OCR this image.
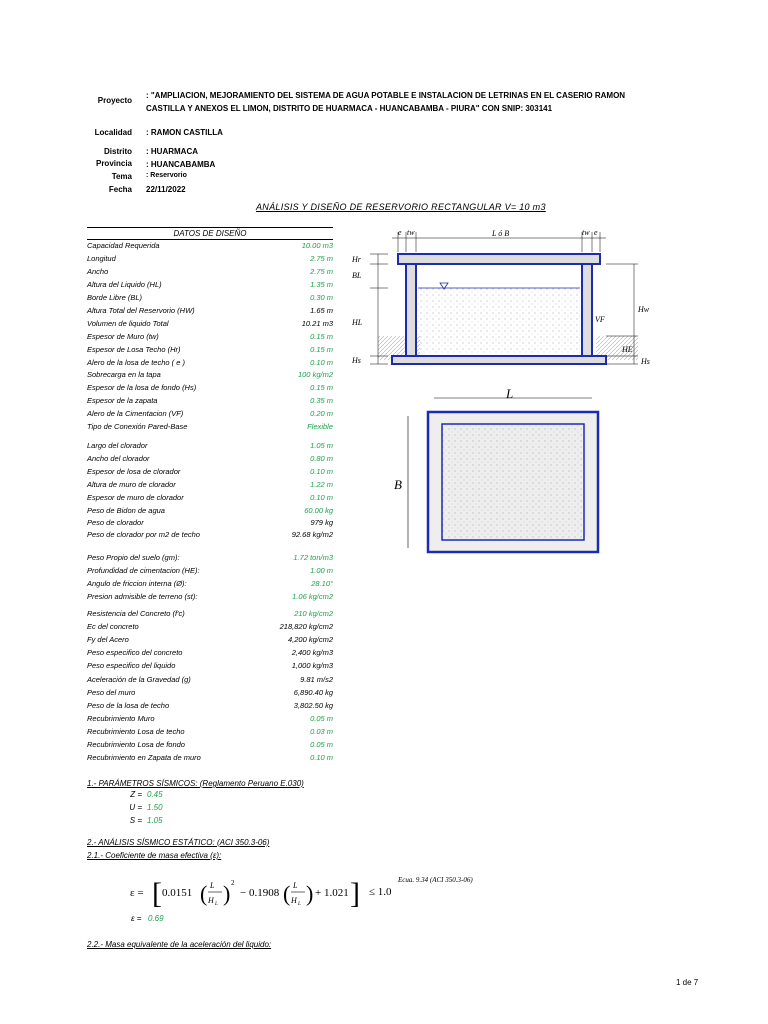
Proyecto
: "AMPLIACION, MEJORAMIENTO DEL SISTEMA DE AGUA POTABLE E INSTALACION DE LETRINAS EN EL CASERIO RAMON CASTILLA Y ANEXOS EL LIMON, DISTRITO DE HUARMACA - HUANCABAMBA - PIURA" CON SNIP: 303141
Localidad : RAMON CASTILLA
Distrito : HUARMACA
Provincia : HUANCABAMBA
Tema : Reservorio
Fecha 22/11/2022
ANÁLISIS Y DISEÑO DE RESERVORIO RECTANGULAR V= 10 m3
DATOS DE DISEÑO
Capacidad Requerida	10.00 m3
Longitud	2.75 m
Ancho	2.75 m
Altura del Liquido (HL)	1.35 m
Borde Libre (BL)	0.30 m
Altura Total del Reservorio (HW)	1.65 m
Volumen de liquido Total	10.21 m3
Espesor de Muro (tw)	0.15 m
Espesor de Losa Techo (Hr)	0.15 m
Alero de la losa de techo ( e )	0.10 m
Sobrecarga en la tapa	100 kg/m2
Espesor de la losa de fondo (Hs)	0.15 m
Espesor de la zapata	0.35 m
Alero de la Cimentacion (VF)	0.20 m
Tipo de Conexión Pared-Base	Flexible
Largo del clorador	1.05 m
Ancho del clorador	0.80 m
Espesor de losa de clorador	0.10 m
Altura de muro de clorador	1.22 m
Espesor de muro de clorador	0.10 m
Peso de Bidon de agua	60.00 kg
Peso de clorador	979 kg
Peso de clorador por m2 de techo	92.68 kg/m2
Peso Propio del suelo (gm):	1.72 ton/m3
Profundidad de cimentacion (HE):	1.00 m
Angulo de friccion interna (Ø):	28.10°
Presion admisible de terreno (st):	1.06 kg/cm2
Resistencia del Concreto (f'c)	210 kg/cm2
Ec del concreto	218,820 kg/cm2
Fy del Acero	4,200 kg/cm2
Peso especifico del concreto	2,400 kg/m3
Peso especifico del liquido	1,000 kg/m3
Aceleración de la Gravedad (g)	9.81 m/s2
Peso del muro	6,890.40 kg
Peso de la losa de techo	3,802.50 kg
Recubrimiento Muro	0.05 m
Recubrimiento Losa de techo	0.03 m
Recubrimiento Losa de fondo	0.05 m
Recubrimiento en Zapata de muro	0.10 m
e tw	L ó B	tw e
Hr
BL
HL
Hs
Hw
VF
HE
Hs
L
B
1.- PARÁMETROS SÍSMICOS: (Reglamento Peruano E.030)
Z = 0.45
U = 1.50
S = 1.05
2.- ANÁLISIS SÍSMICO ESTÁTICO: (ACI 350.3-06)
2.1.- Coeficiente de masa efectiva (ε):
ε = [ 0.0151 ( L
H L ) 2
− 0.1908 ( L
H L ) + 1.021 ] ≤ 1.0
Ecua. 9.34 (ACI 350.3-06)
ε = 0.69
2.2.- Masa equivalente de la aceleración del liquido:
1 de 7
